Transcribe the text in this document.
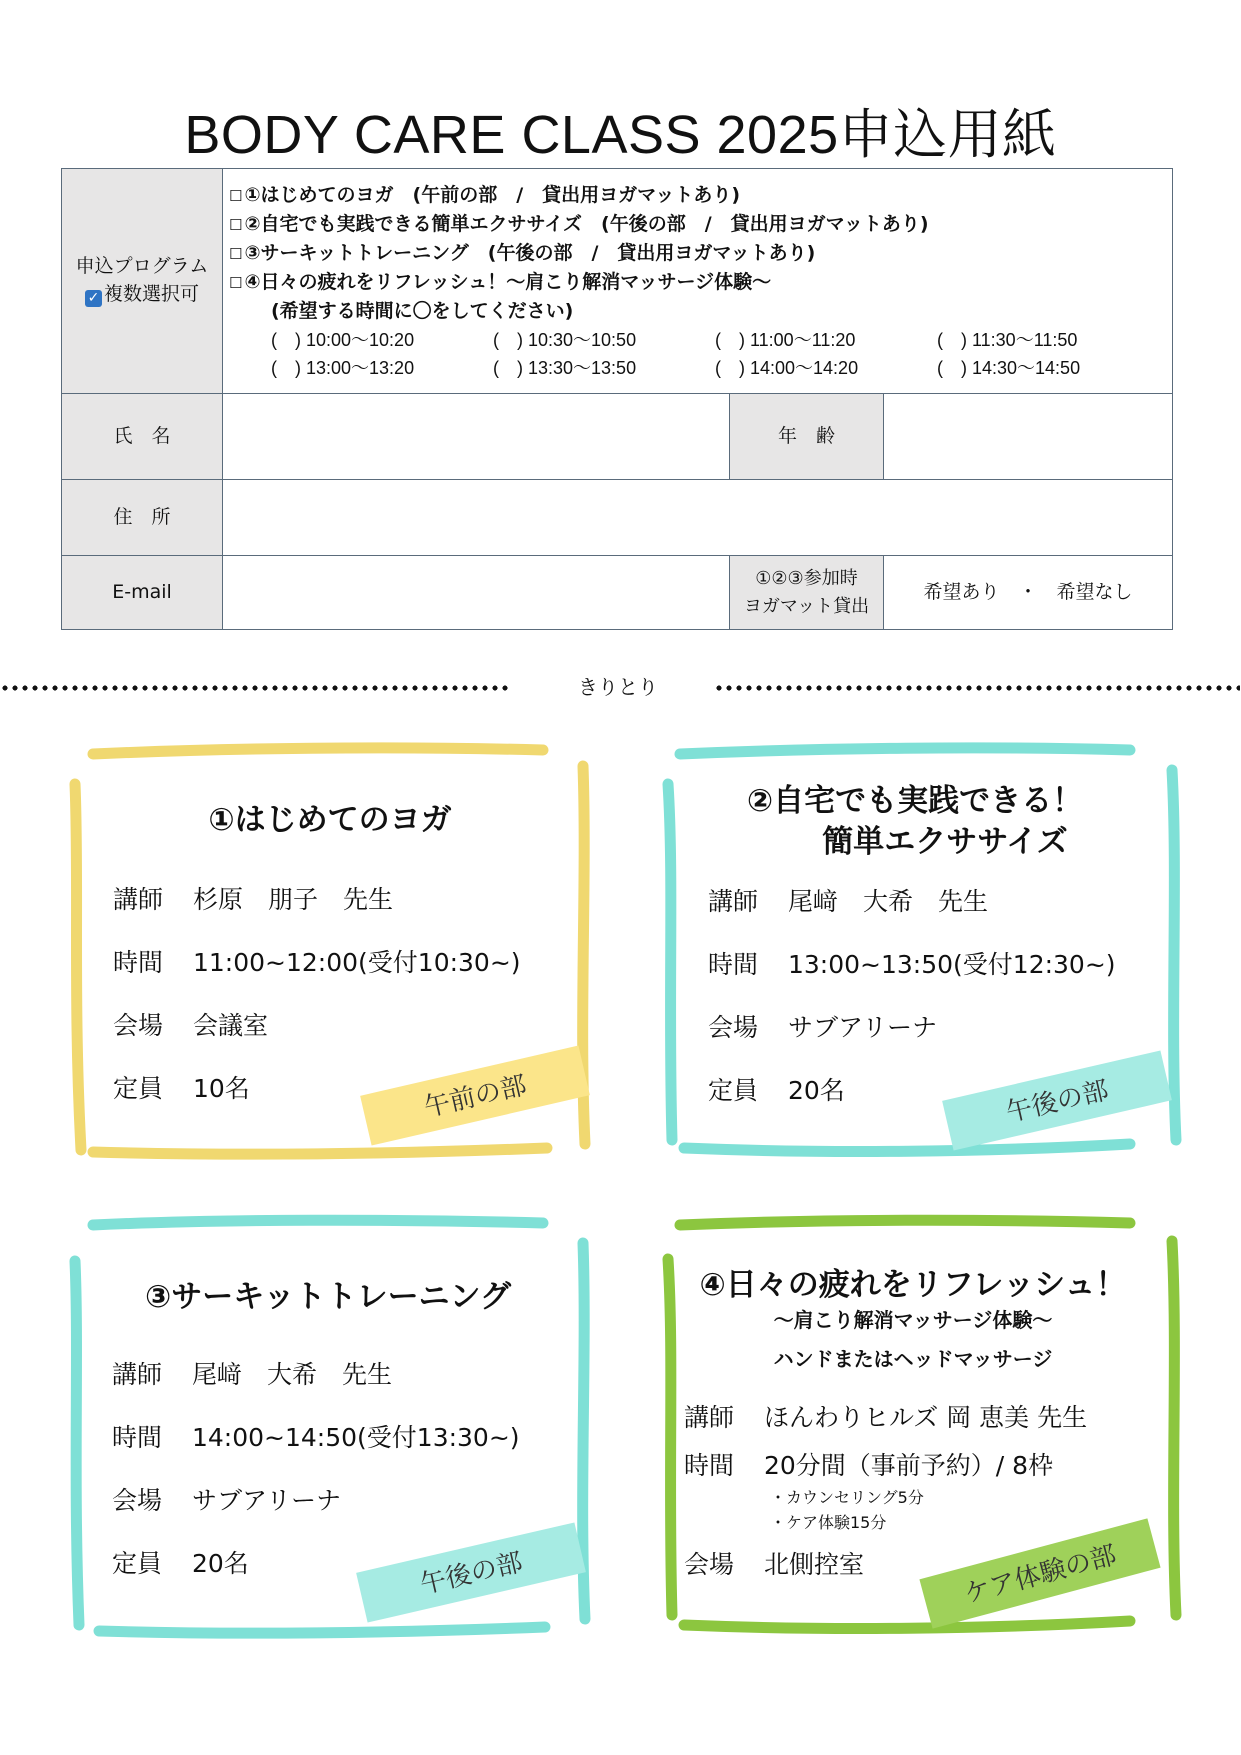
BODY CARE CLASS 2025申込用紙
申込プログラム
✓ 複数選択可
☐ ①はじめてのヨガ　(午前の部　/　貸出用ヨガマットあり)
☐ ②自宅でも実践できる簡単エクササイズ　(午後の部　/　貸出用ヨガマットあり)
☐ ③サーキットトレーニング　(午後の部　/　貸出用ヨガマットあり)
☐ ④日々の疲れをリフレッシュ！～肩こり解消マッサージ体験～
(希望する時間に〇をしてください)
(　) 10:00～10:20	(　) 10:30～10:50	(　) 11:00～11:20	(　) 11:30～11:50
(　) 13:00～13:20	(　) 13:30～13:50	(　) 14:00～14:20	(　) 14:30～14:50
氏　名	年　齢
住　所
E-mail
①②③参加時
ヨガマット貸出
希望あり　・　希望なし
きりとり
①はじめてのヨガ
講師 杉原　朋子　先生
時間 11:00~12:00(受付10:30~)
会場 会議室
定員 10名	午前の部
②自宅でも実践できる！
簡単エクササイズ
講師 尾﨑　大希　先生
時間 13:00~13:50(受付12:30~)
会場 サブアリーナ
定員 20名	午後の部
③サーキットトレーニング
講師 尾﨑　大希　先生
時間 14:00~14:50(受付13:30~)
会場 サブアリーナ
定員 20名	午後の部
④日々の疲れをリフレッシュ！
～肩こり解消マッサージ体験～
ハンドまたはヘッドマッサージ
講師 ほんわりヒルズ 岡 恵美 先生
時間 20分間（事前予約）/ 8枠
・カウンセリング5分
・ケア体験15分
会場 北側控室	ケア体験の部
